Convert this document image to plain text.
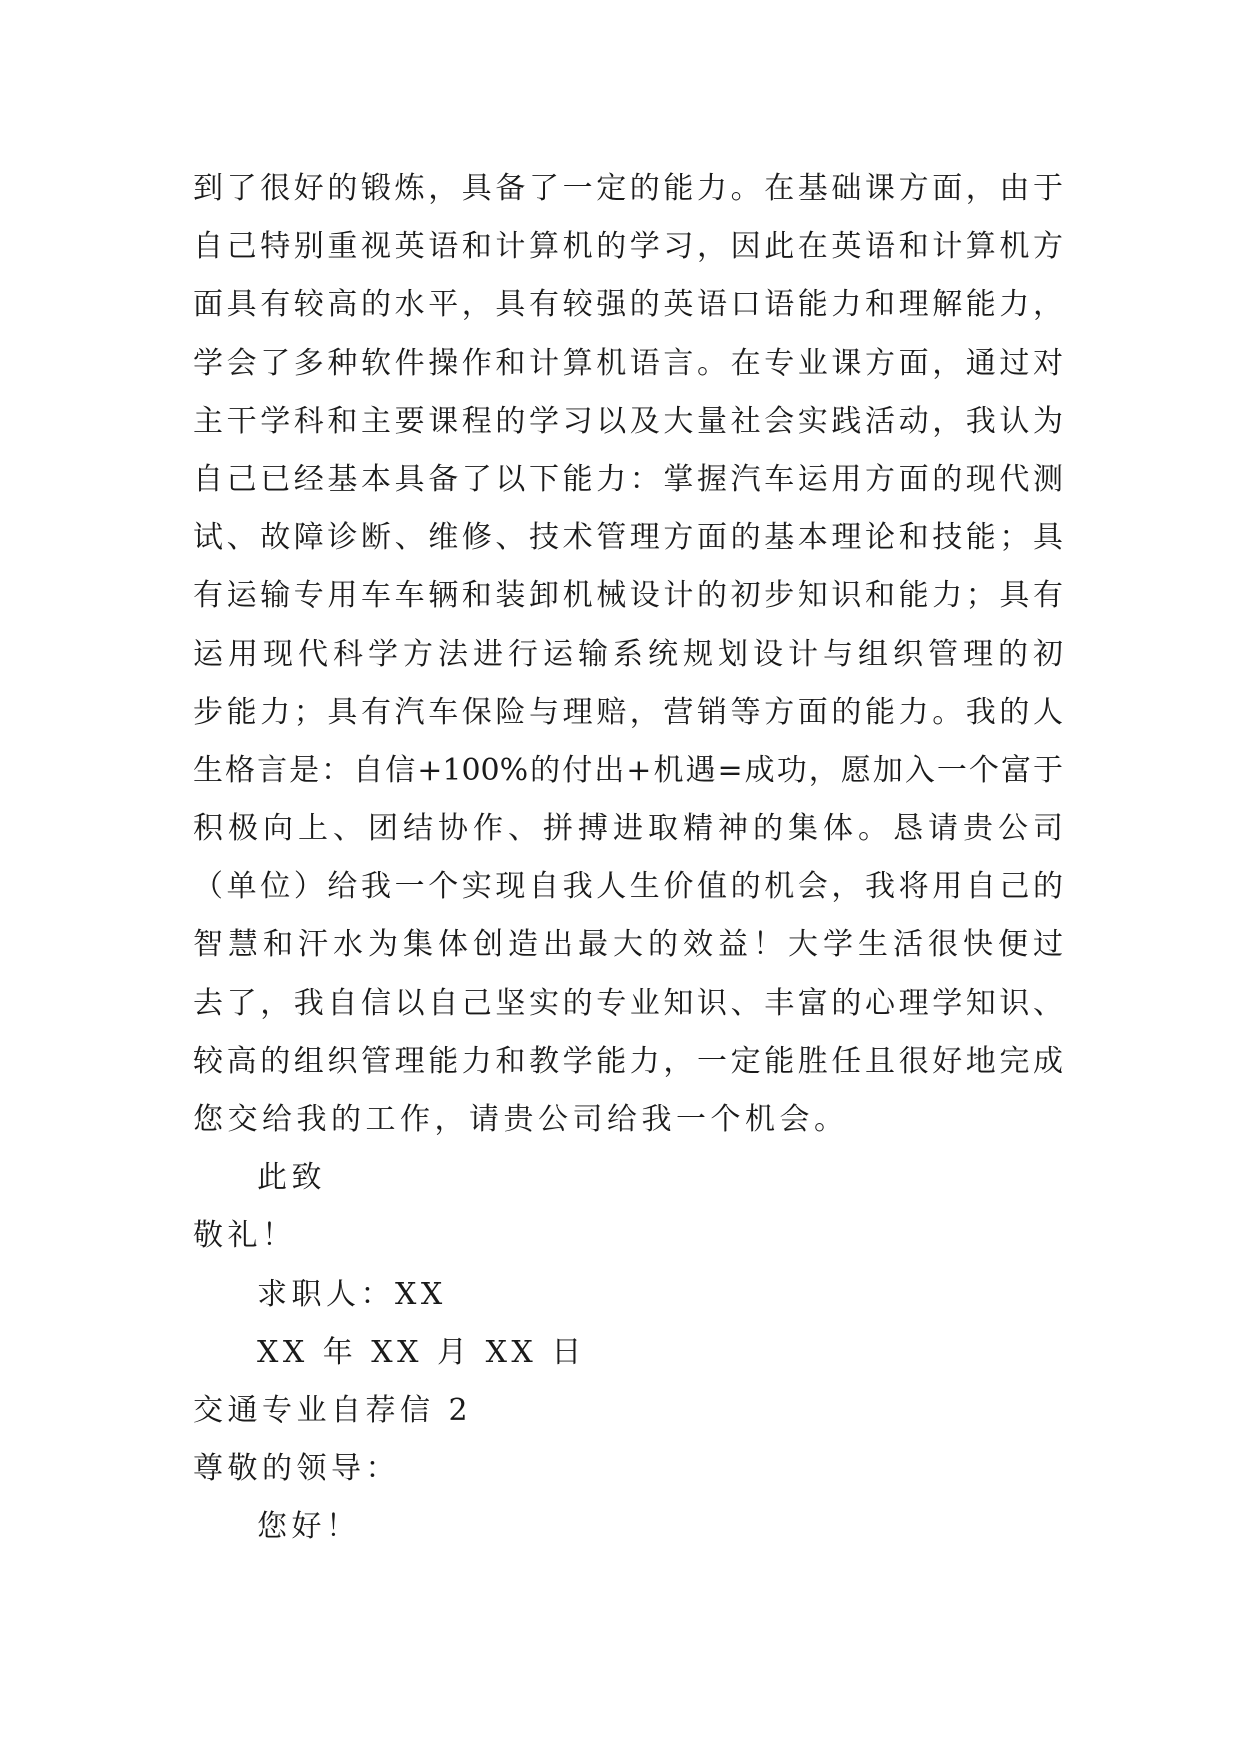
到了很好的锻炼，具备了一定的能力。在基础课方面，由于
自己特别重视英语和计算机的学习，因此在英语和计算机方
面具有较高的水平，具有较强的英语口语能力和理解能力，
学会了多种软件操作和计算机语言。在专业课方面，通过对
主干学科和主要课程的学习以及大量社会实践活动，我认为
自己已经基本具备了以下能力：掌握汽车运用方面的现代测
试、故障诊断、维修、技术管理方面的基本理论和技能；具
有运输专用车车辆和装卸机械设计的初步知识和能力；具有
运用现代科学方法进行运输系统规划设计与组织管理的初
步能力；具有汽车保险与理赔，营销等方面的能力。我的人
生格言是：自信+100%的付出+机遇=成功，愿加入一个富于
积极向上、团结协作、拼搏进取精神的集体。恳请贵公司
（单位）给我一个实现自我人生价值的机会，我将用自己的
智慧和汗水为集体创造出最大的效益！大学生活很快便过
去了，我自信以自己坚实的专业知识、丰富的心理学知识、
较高的组织管理能力和教学能力，一定能胜任且很好地完成
您交给我的工作，请贵公司给我一个机会。
此致
敬礼！
求职人：XX
XX 年 XX 月 XX 日
交通专业自荐信 2
尊敬的领导：
您好！
